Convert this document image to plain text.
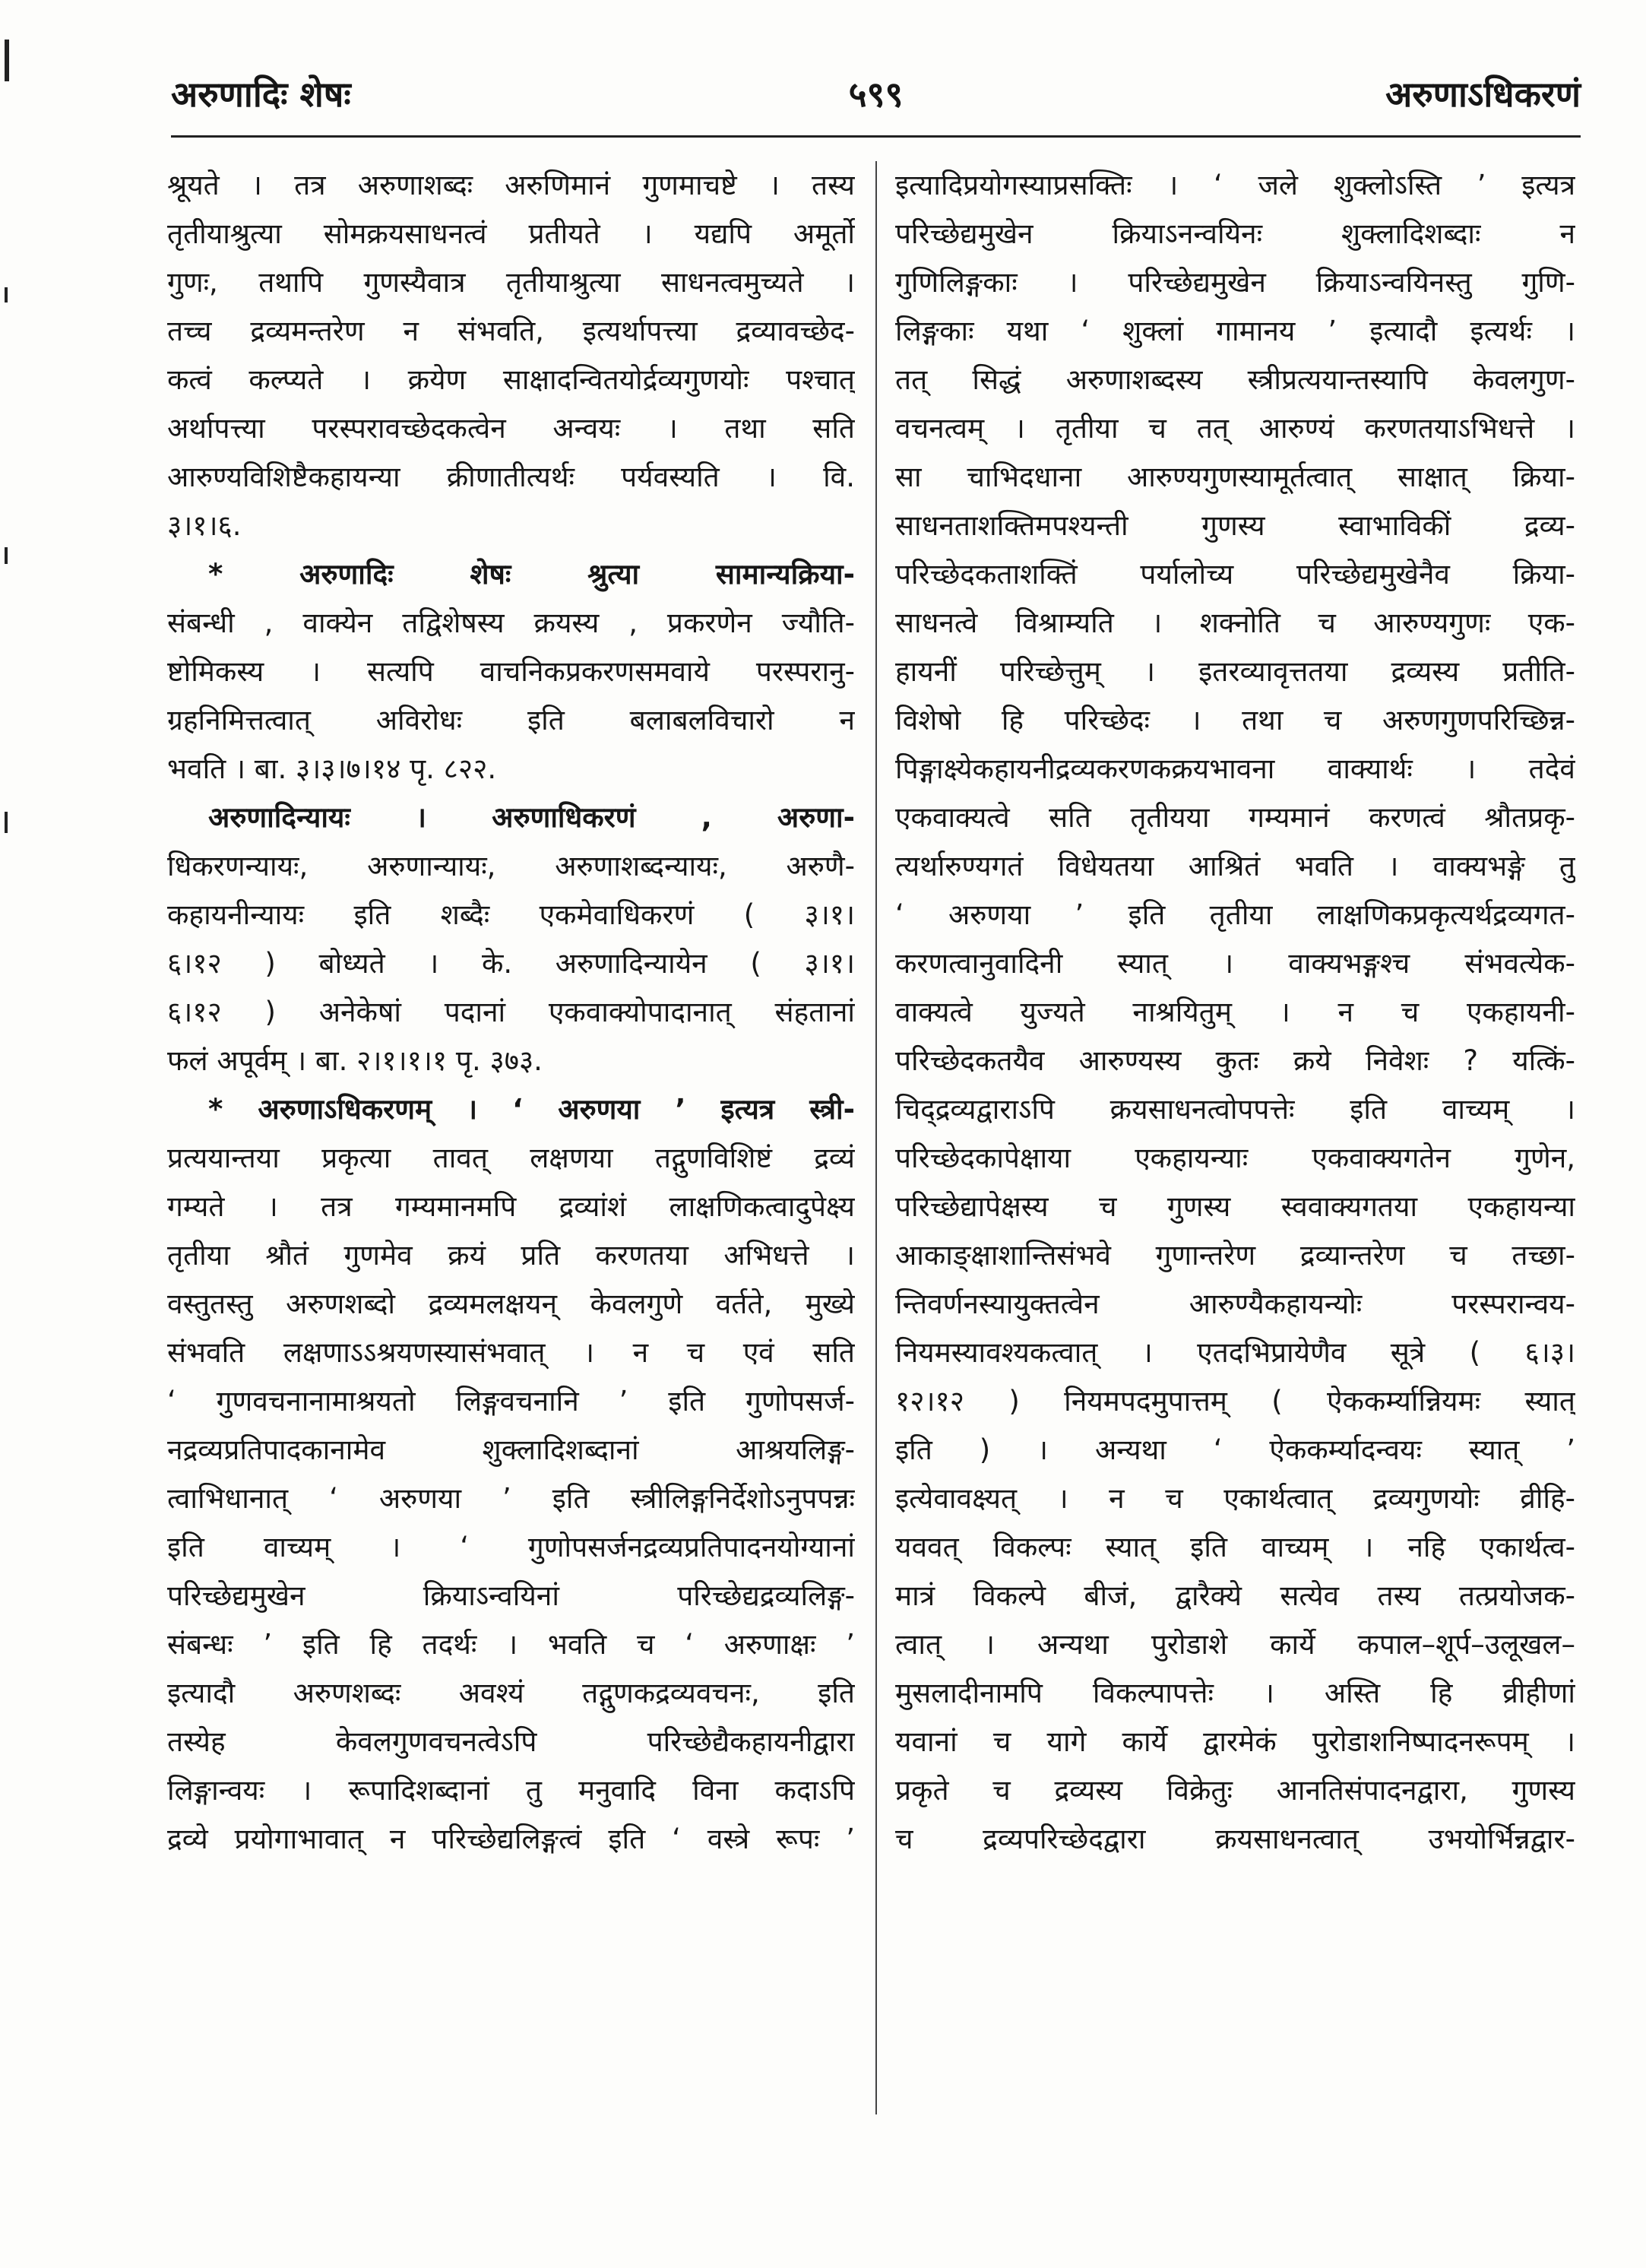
अरुणादिः शेषः	५९९	अरुणाऽधिकरणं
श्रूयते । तत्र अरुणाशब्दः अरुणिमानं गुणमाचष्टे । तस्य
तृतीयाश्रुत्या सोमक्रयसाधनत्वं प्रतीयते । यद्यपि अमूर्तो
गुणः, तथापि गुणस्यैवात्र तृतीयाश्रुत्या साधनत्वमुच्यते ।
तच्च द्रव्यमन्तरेण न संभवति, इत्यर्थापत्त्या द्रव्यावच्छेद-
कत्वं कल्प्यते । क्रयेण साक्षादन्वितयोर्द्रव्यगुणयोः पश्चात्
अर्थापत्त्या परस्परावच्छेदकत्वेन अन्वयः । तथा सति
आरुण्यविशिष्टैकहायन्या क्रीणातीत्यर्थः पर्यवस्यति । वि.
३।१।६.
* अरुणादिः शेषः श्रुत्या सामान्यक्रिया-
संबन्धी , वाक्येन तद्विशेषस्य क्रयस्य , प्रकरणेन ज्यौति-
ष्टोमिकस्य । सत्यपि वाचनिकप्रकरणसमवाये परस्परानु-
ग्रहनिमित्तत्वात् अविरोधः इति बलाबलविचारो न
भवति । बा. ३।३।७।१४ पृ. ८२२.
अरुणादिन्यायः । अरुणाधिकरणं , अरुणा-
धिकरणन्यायः, अरुणान्यायः, अरुणाशब्दन्यायः, अरुणै-
कहायनीन्यायः इति शब्दैः एकमेवाधिकरणं ( ३।१।
६।१२ ) बोध्यते । के. अरुणादिन्यायेन ( ३।१।
६।१२ ) अनेकेषां पदानां एकवाक्योपादानात् संहतानां
फलं अपूर्वम् । बा. २।१।१।१ पृ. ३७३.
* अरुणाऽधिकरणम् । ‘ अरुणया ’ इत्यत्र स्त्री-
प्रत्ययान्तया प्रकृत्या तावत् लक्षणया तद्गुणविशिष्टं द्रव्यं
गम्यते । तत्र गम्यमानमपि द्रव्यांशं लाक्षणिकत्वादुपेक्ष्य
तृतीया श्रौतं गुणमेव क्रयं प्रति करणतया अभिधत्ते ।
वस्तुतस्तु अरुणशब्दो द्रव्यमलक्षयन् केवलगुणे वर्तते, मुख्ये
संभवति लक्षणाऽऽश्रयणस्यासंभवात् । न च एवं सति
‘ गुणवचनानामाश्रयतो लिङ्गवचनानि ’ इति गुणोपसर्ज-
नद्रव्यप्रतिपादकानामेव शुक्लादिशब्दानां आश्रयलिङ्ग-
त्वाभिधानात् ‘ अरुणया ’ इति स्त्रीलिङ्गनिर्देशोऽनुपपन्नः
इति वाच्यम् । ‘ गुणोपसर्जनद्रव्यप्रतिपादनयोग्यानां
परिच्छेद्यमुखेन क्रियाऽन्वयिनां परिच्छेद्यद्रव्यलिङ्ग-
संबन्धः ’ इति हि तदर्थः । भवति च ‘ अरुणाक्षः ’
इत्यादौ अरुणशब्दः अवश्यं तद्गुणकद्रव्यवचनः, इति
तस्येह केवलगुणवचनत्वेऽपि परिच्छेद्यैकहायनीद्वारा
लिङ्गान्वयः । रूपादिशब्दानां तु मनुवादि विना कदाऽपि
द्रव्ये प्रयोगाभावात् न परिच्छेद्यलिङ्गत्वं इति ‘ वस्त्रे रूपः ’
इत्यादिप्रयोगस्याप्रसक्तिः । ‘ जले शुक्लोऽस्ति ’ इत्यत्र
परिच्छेद्यमुखेन क्रियाऽनन्वयिनः शुक्लादिशब्दाः न
गुणिलिङ्गकाः । परिच्छेद्यमुखेन क्रियाऽन्वयिनस्तु गुणि-
लिङ्गकाः यथा ‘ शुक्लां गामानय ’ इत्यादौ इत्यर्थः ।
तत् सिद्धं अरुणाशब्दस्य स्त्रीप्रत्ययान्तस्यापि केवलगुण-
वचनत्वम् । तृतीया च तत् आरुण्यं करणतयाऽभिधत्ते ।
सा चाभिदधाना आरुण्यगुणस्यामूर्तत्वात् साक्षात् क्रिया-
साधनताशक्तिमपश्यन्ती गुणस्य स्वाभाविकीं द्रव्य-
परिच्छेदकताशक्तिं पर्यालोच्य परिच्छेद्यमुखेनैव क्रिया-
साधनत्वे विश्राम्यति । शक्नोति च आरुण्यगुणः एक-
हायनीं परिच्छेत्तुम् । इतरव्यावृत्ततया द्रव्यस्य प्रतीति-
विशेषो हि परिच्छेदः । तथा च अरुणगुणपरिच्छिन्न-
पिङ्गाक्ष्येकहायनीद्रव्यकरणकक्रयभावना वाक्यार्थः । तदेवं
एकवाक्यत्वे सति तृतीयया गम्यमानं करणत्वं श्रौतप्रकृ-
त्यर्थारुण्यगतं विधेयतया आश्रितं भवति । वाक्यभङ्गे तु
‘ अरुणया ’ इति तृतीया लाक्षणिकप्रकृत्यर्थद्रव्यगत-
करणत्वानुवादिनी स्यात् । वाक्यभङ्गश्च संभवत्येक-
वाक्यत्वे युज्यते नाश्रयितुम् । न च एकहायनी-
परिच्छेदकतयैव आरुण्यस्य कुतः क्रये निवेशः ? यत्किं-
चिद्द्रव्यद्वाराऽपि क्रयसाधनत्वोपपत्तेः इति वाच्यम् ।
परिच्छेदकापेक्षाया एकहायन्याः एकवाक्यगतेन गुणेन,
परिच्छेद्यापेक्षस्य च गुणस्य स्ववाक्यगतया एकहायन्या
आकाङ्क्षाशान्तिसंभवे गुणान्तरेण द्रव्यान्तरेण च तच्छा-
न्तिवर्णनस्यायुक्तत्वेन आरुण्यैकहायन्योः परस्परान्वय-
नियमस्यावश्यकत्वात् । एतदभिप्रायेणैव सूत्रे ( ६।३।
१२।१२ ) नियमपदमुपात्तम् ( ऐककर्म्यान्नियमः स्यात्
इति ) । अन्यथा ‘ ऐककर्म्यादन्वयः स्यात् ’
इत्येवावक्ष्यत् । न च एकार्थत्वात् द्रव्यगुणयोः व्रीहि-
यववत् विकल्पः स्यात् इति वाच्यम् । नहि एकार्थत्व-
मात्रं विकल्पे बीजं, द्वारैक्ये सत्येव तस्य तत्प्रयोजक-
त्वात् । अन्यथा पुरोडाशे कार्ये कपाल–शूर्प–उलूखल–
मुसलादीनामपि विकल्पापत्तेः । अस्ति हि व्रीहीणां
यवानां च यागे कार्ये द्वारमेकं पुरोडाशनिष्पादनरूपम् ।
प्रकृते च द्रव्यस्य विक्रेतुः आनतिसंपादनद्वारा, गुणस्य
च द्रव्यपरिच्छेदद्वारा क्रयसाधनत्वात् उभयोर्भिन्नद्वार-
